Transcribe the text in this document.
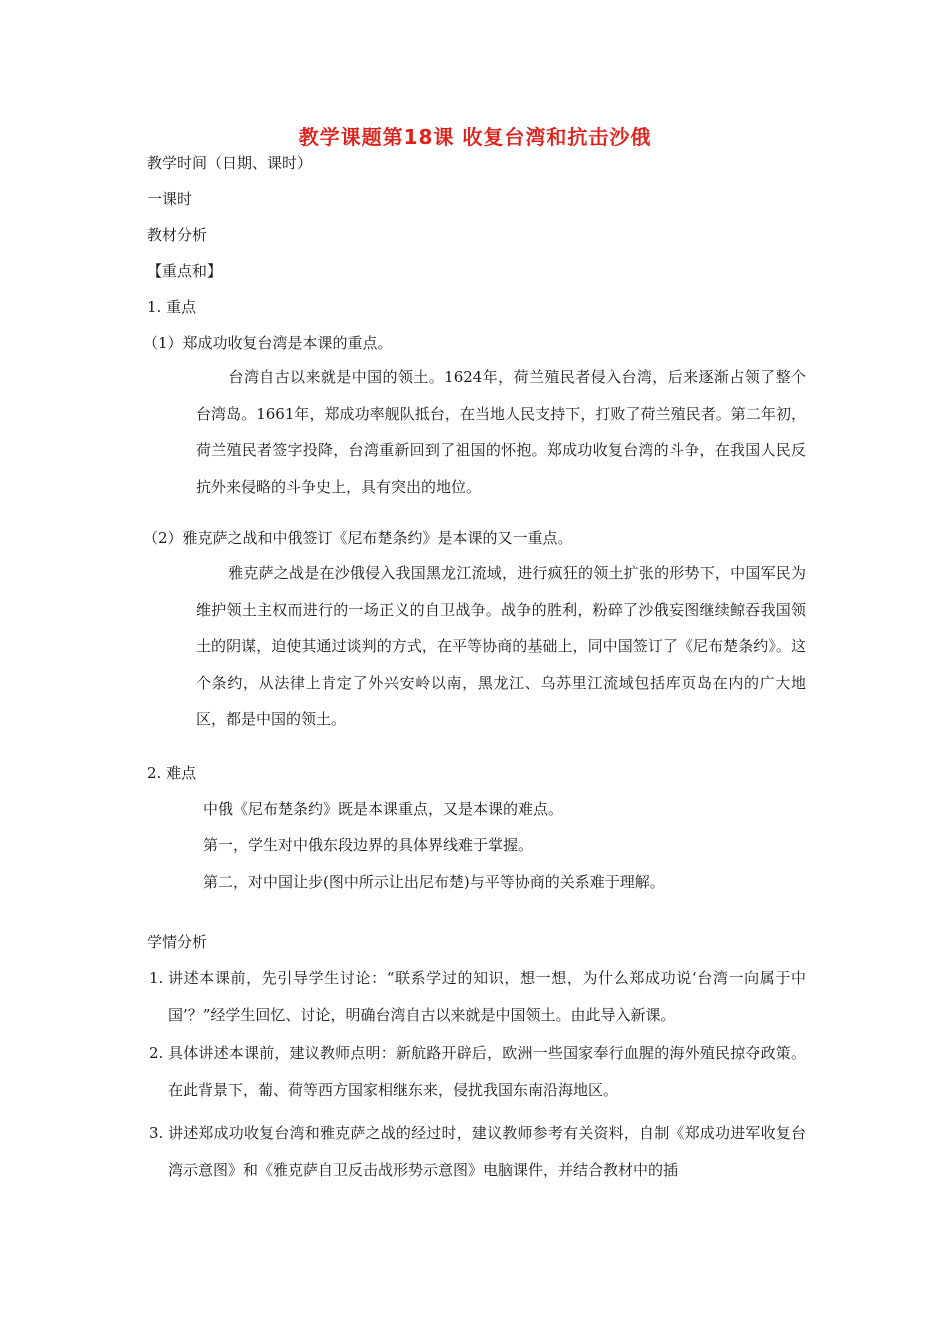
教学课题第18课 收复台湾和抗击沙俄
教学时间（日期、课时）
一课时
教材分析
【重点和】
1. 重点
（1）郑成功收复台湾是本课的重点。
台湾自古以来就是中国的领土。1624年，荷兰殖民者侵入台湾，后来逐渐占领了整个台湾岛。1661年，郑成功率舰队抵台，在当地人民支持下，打败了荷兰殖民者。第二年初，荷兰殖民者签字投降，台湾重新回到了祖国的怀抱。郑成功收复台湾的斗争，在我国人民反抗外来侵略的斗争史上，具有突出的地位。
（2）雅克萨之战和中俄签订《尼布楚条约》是本课的又一重点。
雅克萨之战是在沙俄侵入我国黑龙江流域，进行疯狂的领土扩张的形势下，中国军民为维护领土主权而进行的一场正义的自卫战争。战争的胜利，粉碎了沙俄妄图继续鲸吞我国领土的阴谋，迫使其通过谈判的方式，在平等协商的基础上，同中国签订了《尼布楚条约》。这个条约，从法律上肯定了外兴安岭以南，黑龙江、乌苏里江流域包括库页岛在内的广大地区，都是中国的领土。
2. 难点
中俄《尼布楚条约》既是本课重点，又是本课的难点。
第一，学生对中俄东段边界的具体界线难于掌握。
第二，对中国让步(图中所示让出尼布楚)与平等协商的关系难于理解。
学情分析
1. 讲述本课前，先引导学生讨论：“联系学过的知识，想一想，为什么郑成功说‘台湾一向属于中国’？”经学生回忆、讨论，明确台湾自古以来就是中国领土。由此导入新课。
2. 具体讲述本课前，建议教师点明：新航路开辟后，欧洲一些国家奉行血腥的海外殖民掠夺政策。在此背景下，葡、荷等西方国家相继东来，侵扰我国东南沿海地区。
3. 讲述郑成功收复台湾和雅克萨之战的经过时，建议教师参考有关资料，自制《郑成功进军收复台湾示意图》和《雅克萨自卫反击战形势示意图》电脑课件，并结合教材中的插
